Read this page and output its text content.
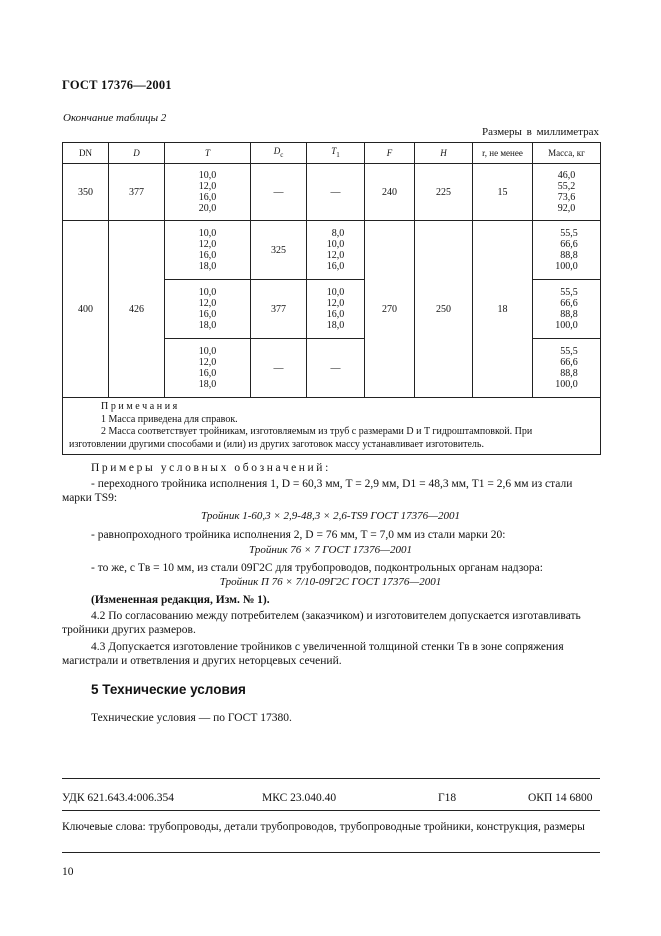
ГОСТ 17376—2001
Окончание таблицы 2
Размеры в миллиметрах
DN	D	T	$D_c$	$T_1$	F	H	r, не менее	Масса, кг
350	377	10,0
12,0
16,0
20,0	—	—	240	225	15	46,0
55,2
73,6
92,0

400	426	10,0
12,0
16,0
18,0	325	8,0
10,0
12,0
16,0	270	250	18	55,5
66,6
88,8
100,0

		10,0
12,0
16,0
18,0	377	10,0
12,0
16,0
18,0				55,5
66,6
88,8
100,0

		10,0
12,0
16,0
18,0	—	—				55,5
66,6
88,8
100,0

Примечания
1 Масса приведена для справок.
2 Масса соответствует тройникам, изготовляемым из труб с размерами D и T гидроштамповкой. При изготовлении другими способами и (или) из других заготовок массу устанавливает изготовитель.								
Примеры условных обозначений:
- переходного тройника исполнения 1, D = 60,3 мм, T = 2,9 мм, D1 = 48,3 мм, T1 = 2,6 мм из стали марки TS9:
Тройник 1-60,3 × 2,9-48,3 × 2,6-TS9 ГОСТ 17376—2001
- равнопроходного тройника исполнения 2, D = 76 мм, T = 7,0 мм из стали марки 20:
Тройник 76 × 7 ГОСТ 17376—2001
- то же, с Tв = 10 мм, из стали 09Г2С для трубопроводов, подконтрольных органам надзора:
Тройник П 76 × 7/10-09Г2С ГОСТ 17376—2001
(Измененная редакция, Изм. № 1).
4.2 По согласованию между потребителем (заказчиком) и изготовителем допускается изготавливать тройники других размеров.
4.3 Допускается изготовление тройников с увеличенной толщиной стенки Tв в зоне сопряжения магистрали и ответвления и других неторцевых сечений.
5 Технические условия
Технические условия — по ГОСТ 17380.
УДК 621.643.4:006.354	МКС 23.040.40	Г18	ОКП 14 6800
Ключевые слова: трубопроводы, детали трубопроводов, трубопроводные тройники, конструкция, размеры
10
